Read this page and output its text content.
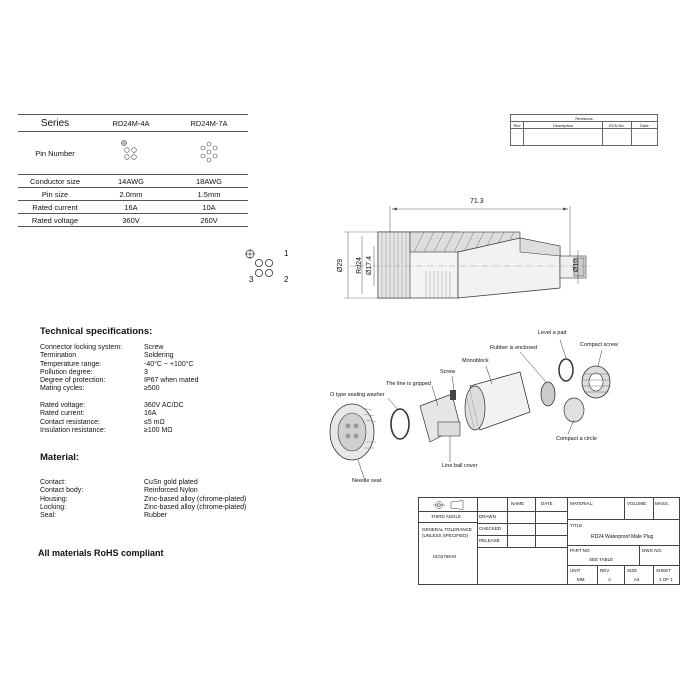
Series	RD24M-4A	RD24M-7A
Pin Number		
Conductor size	14AWG	18AWG
Pin size	2.0mm	1.5mm
Rated current	16A	10A
Rated voltage	360V	260V
Revisions			
Rev	Description	ECN No.	Date

1
2
3
71.3
Ø29 Rd24 Ø17.4	Ø10
Level a pad
Rubber is enclosed	Compact screw
Monoblock
Screw
The line is gripped
O type sealing washer
Compact a circle
Line ball cover
Needle seat
Technical specifications:
Connector locking system:	Screw
Termination	Soldering
Temperature range:	-40°C ~ +100°C
Pollution degree:	3
Degree of protection:	IP67 when mated
Mating cycles:	≥500
Rated voltage:	360V AC/DC
Rated current:	16A
Contact resistance:	≤5 mΩ
Insulation resistance:	≥100 MΩ
Material:
Contact:	CuSn gold plated
Contact body:	Reinforced Nylon
Housing:	Zinc-based alloy (chrome-plated)
Locking:	Zinc-based alloy (chrome-plated)
Seal:	Rubber
All materials RoHS compliant
THIRD ANGLE
GENERAL TOLERANCE
(UNLESS SPECIFIED)
ISO2768-M
NAME	DATE
DRAWN
CHECKED
RELEASE
MATERIAL:	VOLUME: MASS:
TITLE
RD24 Waterproof Male Plug
PART NO.
SEE TABLE
DWG NO.
UNIT
MM
REV.
A
SIZE
A4
SHEET
1 OF 1
